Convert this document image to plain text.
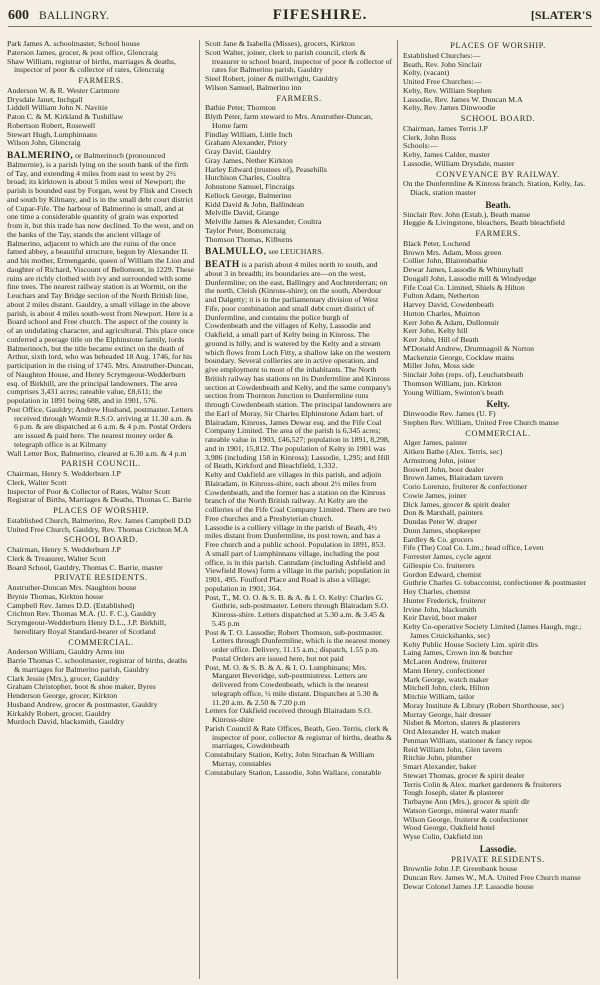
600 BALLINGRY.	FIFESHIRE.	[SLATER'S
Park James A. schoolmaster, School house
Paterson James, grocer, & post office, Glencraig
Shaw William, registrar of births, marriages & deaths, inspector of poor & collector of rates, Glencraig
FARMERS.
Anderson W. & R. Wester Cartmore
Drysdale Janet, Inchgall
Liddell William John N. Navitie
Paton C. & M. Kirkland & Tushillaw
Robertson Robert, Rosewell
Stewart Hugh, Lumphinnans
Wilson John, Glencraig
BALMERINO, or Balmerinoch (pronounced Balmernie), is a parish lying on the south bank of the firth of Tay, and extending 4 miles from east to west by 2½ broad; its kirktown is about 5 miles west of Newport; the parish is bounded east by Forgan, west by Flisk and Creech and south by Kilmany, and is in the small debt court district of Cupar-Fife. The harbour of Balmerino is small, and at one time a considerable quantity of grain was exported from it, but this trade has now declined. To the west, and on the banks of the Tay, stands the ancient village of Balmerino, adjacent to which are the ruins of the once famed abbey, a beautiful structure, begun by Alexander II. and his mother, Ermengarde, queen of William the Lion and daughter of Richard, Viscount of Bellomont, in 1229. These ruins are richly clothed with ivy and surrounded with some fine trees. The nearest railway station is at Wormit, on the Leuchars and Tay Bridge section of the North British line, about 2 miles distant. Gauldry, a small village in the above parish, is about 4 miles south-west from Newport. Here is a Board school and Free church. The aspect of the county is of an undulating character, and agricultural. This place once conferred a peerage title on the Elphinstone family, lords Balmerinoch, but the title became extinct on the death of Arthur, sixth lord, who was beheaded 18 Aug. 1746, for his participation in the rising of 1745. Mrs. Anstruther-Duncan, of Naughton House, and Henry Scrymgeour-Wedderburn esq. of Birkhill, are the principal landowners. The area comprises 3,431 acres; rateable value, £8,611; the population in 1891 being 688, and in 1901, 576.
Post Office, Gauldry; Andrew Husband, postmaster. Letters received through Wormit R.S.O. arriving at 11.30 a.m. & 6 p.m. & are dispatched at 6 a.m. & 4 p.m. Postal Orders are issued & paid here. The nearest money order & telegraph office is at Kilmany
Wall Letter Box, Balmerino, cleared at 6.30 a.m. & 4 p.m
PARISH COUNCIL.
Chairman, Henry S. Wedderburn J.P
Clerk, Walter Scott
Inspector of Poor & Collector of Rates, Walter Scott
Registrar of Births, Marriages & Deaths, Thomas C. Barrie
PLACES OF WORSHIP.
Established Church, Balmerino, Rev. James Campbell D.D
United Free Church, Gauldry, Rev. Thomas Crichton M.A
SCHOOL BOARD.
Chairman, Henry S. Wedderburn J.P
Clerk & Treasurer, Walter Scott
Board School, Gauldry, Thomas C. Barrie, master
PRIVATE RESIDENTS.
Anstruther-Duncan Mrs. Naughton house
Brynie Thomas, Kirkton house
Campbell Rev. James D.D. (Established)
Crichton Rev. Thomas M.A. (U. F. C.), Gauldry
Scrymgeour-Wedderburn Henry D.L., J.P. Birkhill, hereditary Royal Standard-bearer of Scotland
COMMERCIAL.
Anderson William, Gauldry Arms inn
Barrie Thomas C. schoolmaster, registrar of births, deaths & marriages for Balmerino parish, Gauldry
Clark Jessie (Mrs.), grocer, Gauldry
Graham Christopher, boot & shoe maker, Byres
Henderson George, grocer, Kirkton
Husband Andrew, grocer & postmaster, Gauldry
Kirkaldy Robert, grocer, Gauldry
Murdoch David, blacksmith, Gauldry
Scott Jane & Isabella (Misses), grocers, Kirkton
Scott Walter, joiner, clerk to parish council, clerk & treasurer to school board, inspector of poor & collector of rates for Balmerino parish, Gauldry
Steel Robert, joiner & millwright, Gauldry
Wilson Samuel, Balmerino inn
FARMERS.
Bathie Peter, Thornton
Blyth Peter, farm steward to Mrs. Anstruther-Duncan, Home farm
Findlay William, Little Inch
Graham Alexander, Priory
Gray David, Gauldry
Gray James, Nether Kirkton
Harley Edward (trustees of), Peasehills
Hutchison Charles, Coultra
Johnstone Samuel, Fincraigs
Kellock George, Balmerino
Kidd David & John, Ballindean
Melville David, Grange
Melville James & Alexander, Coultra
Taylor Peter, Bottomcraig
Thomson Thomas, Kilburns
BALMULLO, see LEUCHARS.
BEATH is a parish about 4 miles north to south, and about 3 in breadth; its boundaries are—on the west, Dunfermline; on the east, Ballingry and Auchterderran; on the north, Cleish (Kinross-shire); on the south, Aberdour and Dalgetty; it is in the parliamentary division of West Fife, poor combination and small debt court district of Dunfermline, and contains the police burgh of Cowdenbeath and the villages of Kelty, Lassodie and Oakfield, a small part of Kelty being in Kinross. The ground is hilly, and is watered by the Kelty and a stream which flows from Loch Fitty, a shallow lake on the western boundary. Several collieries are in active operation, and give employment to most of the inhabitants. The North British railway has stations on its Dunfermline and Kinross section at Cowdenbeath and Kelty, and the same company's section from Thornton Junction to Dunfermline runs through Cowdenbeath station. The principal landowners are the Earl of Moray, Sir Charles Elphinstone Adam bart. of Blairadam, Kinross, James Dewar esq. and the Fife Coal Company Limited. The area of the parish is 6,345 acres; rateable value in 1903, £46,527; population in 1891, 8,298, and in 1901, 15,812. The population of Kelty in 1901 was 3,986 (including 158 in Kinross); Lassodie, 1,295; and Hill of Beath, Kirkford and Bleachfield, 1,332.
Kelty and Oakfield are villages in this parish, and adjoin Blairadam, in Kinross-shire, each about 2½ miles from Cowdenbeath, and the former has a station on the Kinross branch of the North British railway. At Kelty are the collieries of the Fife Coal Company Limited. There are two Free churches and a Presbyterian church.
Lassodie is a colliery village in the parish of Beath, 4½ miles distant from Dunfermline, its post town, and has a Free church and a public school. Population in 1891, 853.
A small part of Lumphinnans village, including the post office, is in this parish. Cantsdam (including Ashfield and Viewfield Rows) form a village in the parish; population in 1901, 495. Foulford Place and Road is also a village; population in 1901, 364.
Post, T., M. O. O. & S. B. & A. & I. O. Kelty: Charles G. Guthrie, sub-postmaster. Letters through Blairadam S.O. Kinross-shire. Letters dispatched at 5.30 a.m. & 3.45 & 5.45 p.m
Post & T. O. Lassodie; Robert Thomson, sub-postmaster. Letters through Dunfermline, which is the nearest money order office. Delivery, 11.15 a.m.; dispatch, 1.55 p.m. Postal Orders are issued here, but not paid
Post, M. O. & S. B. & A. & I. O. Lumphinans; Mrs. Margaret Beveridge, sub-postmistress. Letters are delivered from Cowdenbeath, which is the nearest telegraph office, ½ mile distant. Dispatches at 5.30 & 11.20 a.m. & 2.50 & 7.20 p.m
Letters for Oakfield received through Blairadam S.O. Kinross-shire
Parish Council & Rate Offices, Beath, Geo. Terris, clerk & inspector of poor, collector & registrar of births, deaths & marriages, Cowdenbeath
Constabulary Station, Kelty, John Strachan & William Murray, constables
Constabulary Station, Lassodie, John Wallace, constable
PLACES OF WORSHIP.
Established Churches:—
Beath, Rev. John Sinclair
Kelty, (vacant)
United Free Churches:—
Kelty, Rev. William Stephen
Lassodie, Rev. James W. Duncan M.A
Kelty, Rev. James Dinwoodie
SCHOOL BOARD.
Chairman, James Terris J.P
Clerk, John Ross
Schools:—
Kelty, James Calder, master
Lassodie, William Drysdale, master
CONVEYANCE BY RAILWAY.
On the Dunfermline & Kinross branch. Station, Kelty, Jas. Diack, station master
Beath.
Sinclair Rev. John (Estab.), Beath manse
Heggie & Livingstone, bleachers, Beath bleachfield
FARMERS.
Black Peter, Lochend
Brown Mrs. Adam, Moss green
Collier John, Blairenbathie
Dewar James, Lassodie & Whinnyhall
Dougall John, Lassodie mill & Windyedge
Fife Coal Co. Limited, Shiels & Hilton
Fulton Adam, Netherton
Harvey David, Cowdenbeath
Hutton Charles, Muirton
Kerr John & Adam, Dullomuir
Kerr John, Kelty hill
Kerr John, Hill of Beath
M'Donald Andrew, Drumnagoil & Norton
Mackenzie George, Cocklaw mains
Miller John, Moss side
Sinclair John (reps. of), Leuchatsbeath
Thomson William, jun. Kirkton
Young William, Swinton's beath
Kelty.
Dinwoodie Rev. James (U. F)
Stephen Rev. William, United Free Church manse
COMMERCIAL.
Alger James, painter
Aitken Bathe (Alex. Terris, sec)
Armstrong John, joiner
Boswell John, boot dealer
Brown James, Blairadam tavern
Corio Lorenzo, fruiterer & confectioner
Cowie James, joiner
Dick James, grocer & spirit dealer
Don & Marshall, painters
Dundas Peter W. draper
Dunn James, shopkeeper
Eardley & Co. grocers
Fife (The) Coal Co. Lim.; head office, Leven
Forrester James, cycle agent
Gillespie Co. fruiterers
Gordon Edward, chemist
Guthrie Charles G. tobacconist, confectioner & postmaster
Hoy Charles, chemist
Hunter Frederick, fruiterer
Irvine John, blacksmith
Keir David, boot maker
Kelty Co-operative Society Limited (James Haugh, mgr.; James Cruickshanks, sec)
Kelty Public House Society Lim. spirit dlrs
Laing James, Crown inn & butcher
McLaren Andrew, fruiterer
Mann Henry, confectioner
Mark George, watch maker
Mitchell John, clerk, Hilton
Mitchie William, tailor
Moray Institute & Library (Robert Shorthouse, sec)
Murray George, hair dresser
Nisbet & Morton, slaters & plasterers
Ord Alexander H. watch maker
Penman William, stationer & fancy repos
Reid William John, Glen tavern
Ritchie John, plumber
Smart Alexander, baker
Stewart Thomas, grocer & spirit dealer
Terris Colin & Alex. market gardeners & fruiterers
Tough Joseph, slater & plasterer
Turbayne Ann (Mrs.), grocer & spirit dlr
Watson George, mineral water manfr
Wilson George, fruiterer & confectioner
Wood George, Oakfield hotel
Wyse Colin, Oakfield inn
Lassodie.
PRIVATE RESIDENTS.
Brownlie John J.P. Greenbank house
Duncan Rev. James W., M.A. United Free Church manse
Dewar Colonel James J.P. Lassodie house
